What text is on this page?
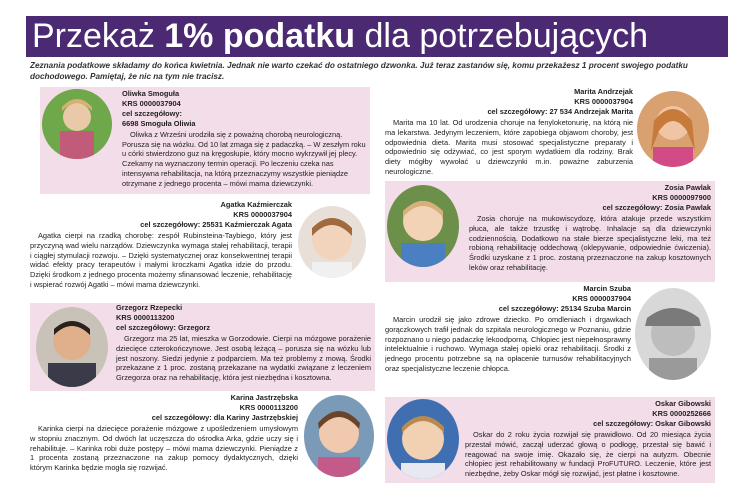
Przekaż 1% podatku dla potrzebujących
Zeznania podatkowe składamy do końca kwietnia. Jednak nie warto czekać do ostatniego dzwonka. Już teraz zastanów się, komu przekażesz 1 procent swojego podatku dochodowego. Pamiętaj, że nic na tym nie tracisz.
Oliwka Smoguła
KRS 0000037904
cel szczegółowy:
6698 Smoguła Oliwia
Oliwka z Wrześni urodziła się z poważną chorobą neurologiczną. Porusza się na wózku. Od 10 lat zmaga się z padaczką. – W zeszłym roku u córki stwierdzono guz na kręgosłupie, który mocno wykrzywił jej plecy. Czekamy na wyznaczony termin operacji. Po leczeniu czeka nas intensywna rehabilitacja, na którą przeznaczymy wszystkie pieniądze otrzymane z jednego procenta – mówi mama dziewczynki.
Marita Andrzejak
KRS 0000037904
cel szczegółowy: 27 534 Andrzejak Marita
Marita ma 10 lat. Od urodzenia choruje na fenyloketonurię, na którą nie ma lekarstwa. Jedynym leczeniem, które zapobiega objawom choroby, jest odpowiednia dieta. Marita musi stosować specjalistyczne preparaty i odpowiednio się odżywiać, co jest sporym wydatkiem dla rodziny. Brak diety mógłby wywołać u dziewczynki m.in. poważne zaburzenia neurologiczne.
Agatka Kaźmierczak
KRS 0000037904
cel szczegółowy: 25531 Kaźmierczak Agata
Agatka cierpi na rzadką chorobę: zespół Rubinsteina-Taybiego, który jest przyczyną wad wielu narządów. Dziewczynka wymaga stałej rehabilitacji, terapii i ciągłej stymulacji rozwoju. – Dzięki systematycznej oraz konsekwentnej terapii widać efekty pracy terapeutów i małymi kroczkami Agatka idzie do przodu. Dzięki środkom z jednego procenta możemy sfinansować leczenie, rehabilitację i wspierać rozwój Agatki – mówi mama dziewczynki.
Zosia Pawlak
KRS 0000097900
cel szczegółowy: Zosia Pawlak
Zosia choruje na mukowiscydozę, która atakuje przede wszystkim płuca, ale także trzustkę i wątrobę. Inhalacje są dla dziewczynki codziennością. Dodatkowo na stałe bierze specjalistyczne leki, ma też robioną rehabilitację oddechową (oklepywanie, odpowiednie ćwiczenia). Środki uzyskane z 1 proc. zostaną przeznaczone na zakup kosztownych leków oraz rehabilitację.
Grzegorz Rzepecki
KRS 0000113200
cel szczegółowy: Grzegorz
Grzegorz ma 25 lat, mieszka w Gorzodowie. Cierpi na mózgowe porażenie dziecięce czterokończynowe. Jest osobą leżącą – porusza się na wózku lub jest noszony. Siedzi jedynie z podparciem. Ma też problemy z mową. Środki przekazane z 1 proc. zostaną przekazane na wydatki związane z leczeniem Grzegorza oraz na rehabilitację, która jest niezbędna i kosztowna.
Marcin Szuba
KRS 0000037904
cel szczegółowy: 25134 Szuba Marcin
Marcin urodził się jako zdrowe dziecko. Po omdleniach i drgawkach gorączkowych trafił jednak do szpitala neurologicznego w Poznaniu, gdzie rozpoznano u niego padaczkę lekoodporną. Chłopiec jest niepełnosprawny intelektualnie i ruchowo. Wymaga stałej opieki oraz rehabilitacji. Środki z jednego procentu potrzebne są na opłacenie turnusów rehabilitacyjnych oraz specjalistyczne leczenie chłopca.
Karina Jastrzębska
KRS 0000113200
cel szczegółowy: dla Kariny Jastrzębskiej
Karinka cierpi na dziecięce porażenie mózgowe z upośledzeniem umysłowym w stopniu znacznym. Od dwóch lat uczęszcza do ośrodka Arka, gdzie uczy się i rehabilituje. – Karinka robi duże postępy – mówi mama dziewczynki. Pieniądze z 1 procenta zostaną przeznaczone na zakup pomocy dydaktycznych, dzięki którym Karinka będzie mogła się rozwijać.
Oskar Gibowski
KRS 0000252666
cel szczegółowy: Oskar Gibowski
Oskar do 2 roku życia rozwijał się prawidłowo. Od 20 miesiąca życia przestał mówić, zaczął uderzać głową o podłogę, przestał się bawić i reagować na swoje imię. Okazało się, że cierpi na autyzm. Obecnie chłopiec jest rehabilitowany w fundacji ProFUTURO. Leczenie, które jest niezbędne, żeby Oskar mógł się rozwijać, jest płatne i kosztowne.
